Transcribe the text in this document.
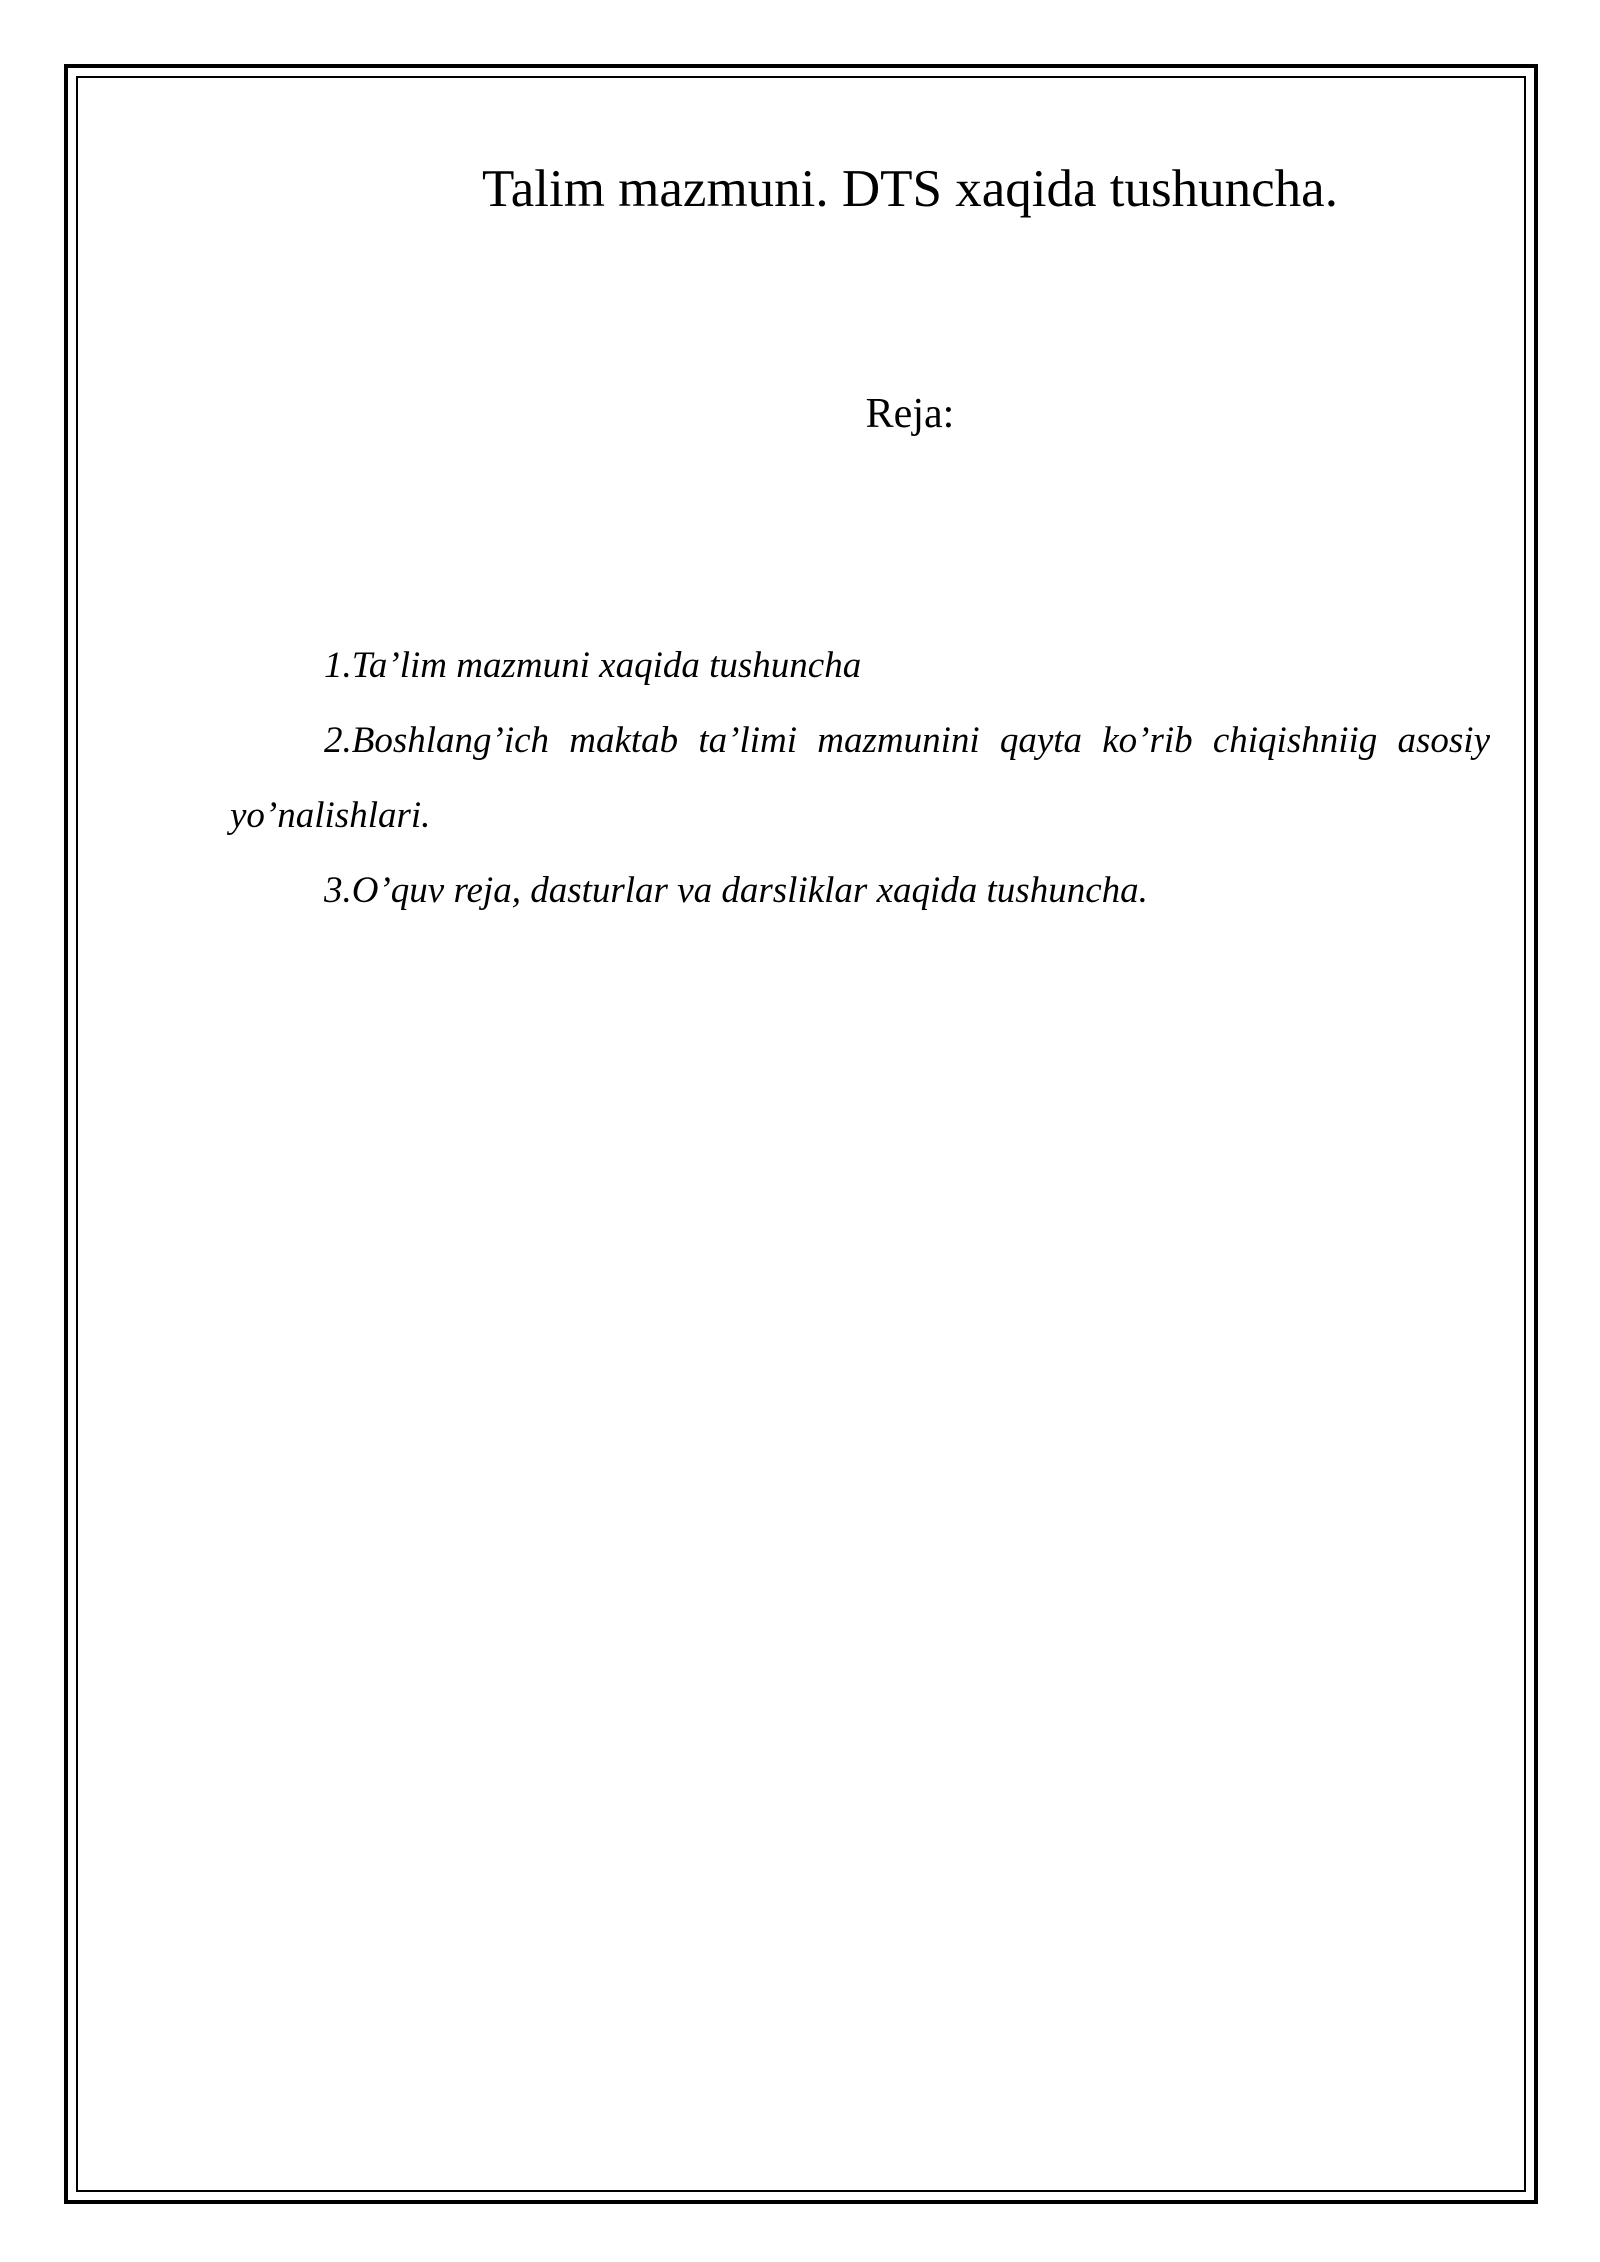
Talim mazmuni. DTS xaqida tushuncha.
Reja:

1.Ta’lim mazmuni xaqida tushuncha

2.Boshlang’ich maktab ta’limi mazmunini qayta ko’rib chiqishniig asosiy yo’nalishlari.

3.O’quv reja, dasturlar va darsliklar xaqida tushuncha.
